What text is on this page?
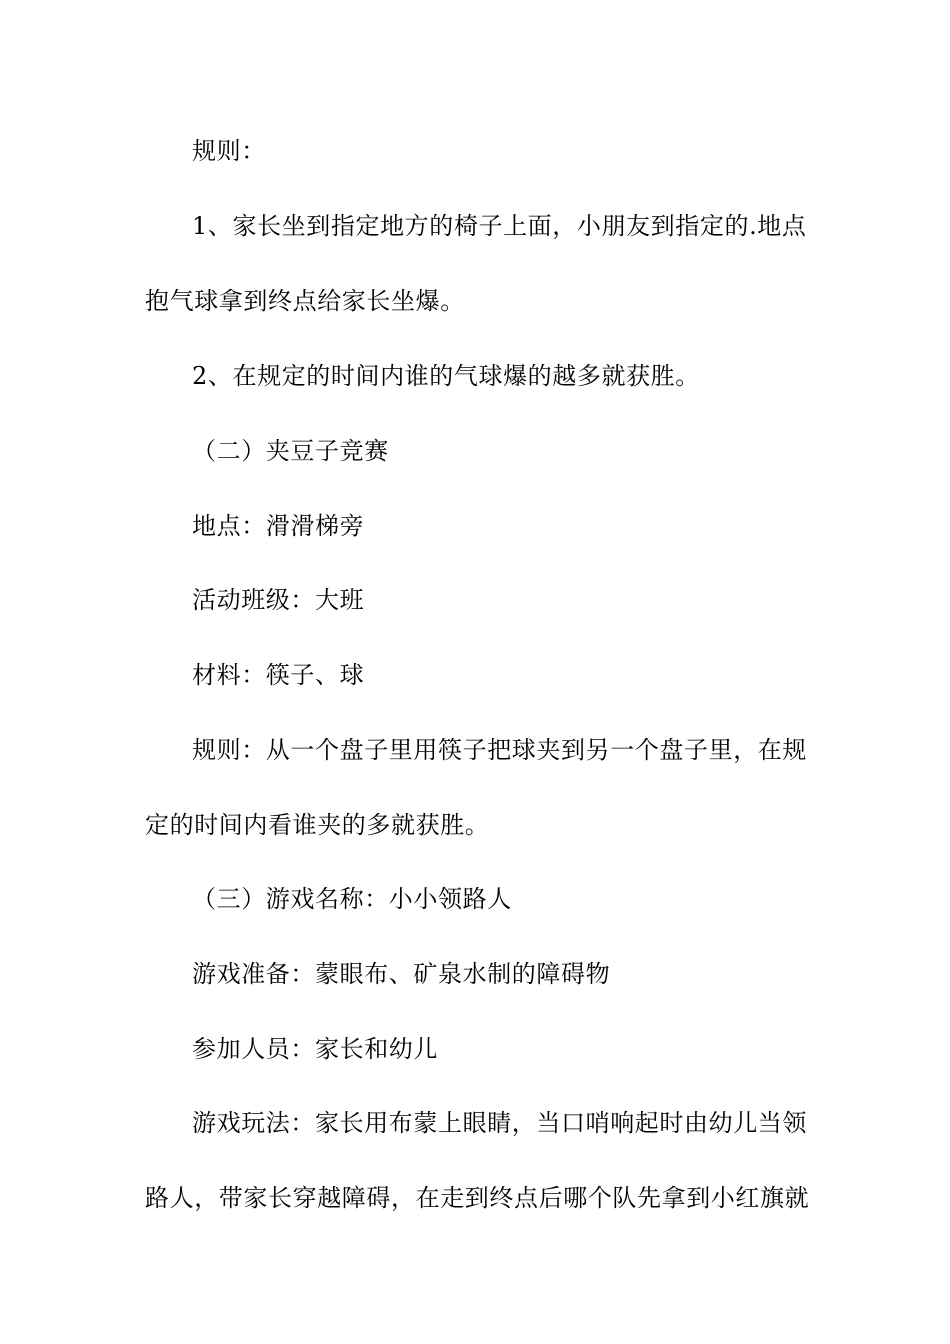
规则：
1、家长坐到指定地方的椅子上面，小朋友到指定的.地点
抱气球拿到终点给家长坐爆。
2、在规定的时间内谁的气球爆的越多就获胜。
（二）夹豆子竞赛
地点：滑滑梯旁
活动班级：大班
材料：筷子、球
规则：从一个盘子里用筷子把球夹到另一个盘子里，在规
定的时间内看谁夹的多就获胜。
（三）游戏名称：小小领路人
游戏准备：蒙眼布、矿泉水制的障碍物
参加人员：家长和幼儿
游戏玩法：家长用布蒙上眼睛，当口哨响起时由幼儿当领
路人，带家长穿越障碍，在走到终点后哪个队先拿到小红旗就
